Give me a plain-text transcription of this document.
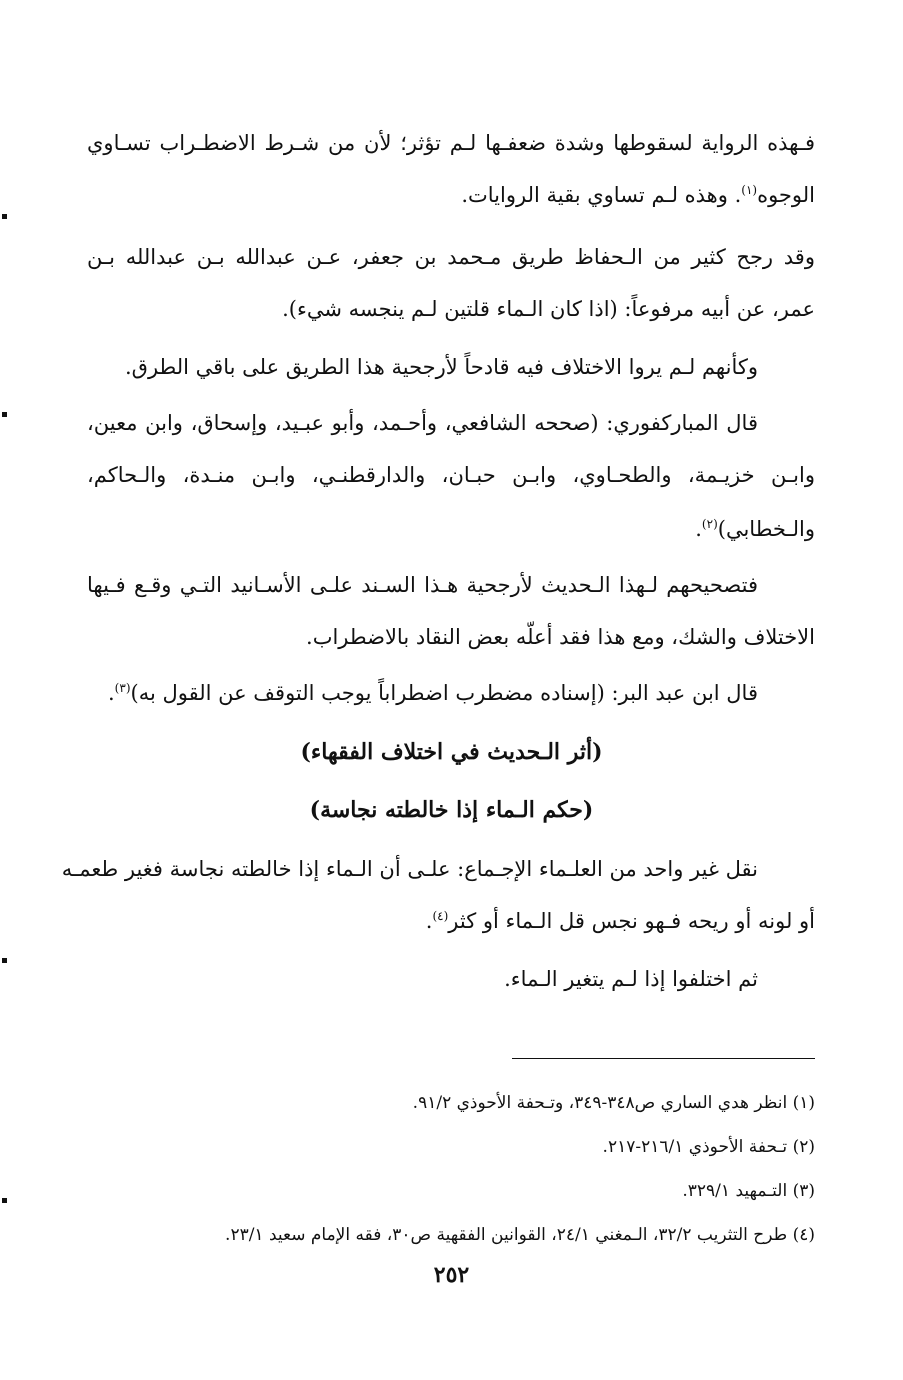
فـهذه الرواية لسقوطها وشدة ضعفـها لـم تؤثر؛ لأن من شـرط الاضطـراب تسـاوي
الوجوه$^{(١)}$. وهذه لـم تساوي بقية الروايات.
وقد رجح كثير من الـحفاظ طريق مـحمد بن جعفر، عـن عبدالله بـن عبدالله بـن
عمر، عن أبيه مرفوعاً: (اذا كان الـماء قلتين لـم ينجسه شيء).
وكأنهم لـم يروا الاختلاف فيه قادحاً لأرجحية هذا الطريق على باقي الطرق.
قال المباركفوري: (صححه الشافعي، وأحـمد، وأبو عبـيد، وإسحاق، وابن معين،
وابـن خزيـمة، والطحـاوي، وابـن حبـان، والدارقطنـي، وابـن منـدة، والـحاكم،
والـخطابي)$^{(٢)}$.
فتصحيحهم لـهذا الـحديث لأرجحية هـذا السـند علـى الأسـانيد التـي وقـع فـيها
الاختلاف والشك، ومع هذا فقد أعلّه بعض النقاد بالاضطراب.
قال ابن عبد البر: (إسناده مضطرب اضطراباً يوجب التوقف عن القول به)$^{(٣)}$.
(أثر الـحديث في اختلاف الفقهاء)
(حكم الـماء إذا خالطته نجاسة)
نقل غير واحد من العلـماء الإجـماع: علـى أن الـماء إذا خالطته نجاسة فغير طعمـه
أو لونه أو ريحه فـهو نجس قل الـماء أو كثر$^{(٤)}$.
ثم اختلفوا إذا لـم يتغير الـماء.
(١) انظر هدي الساري ص٣٤٨-٣٤٩، وتـحفة الأحوذي ٩١/٢.
(٢) تـحفة الأحوذي ٢١٦/١-٢١٧.
(٣) التـمهيد ٣٢٩/١.
(٤) طرح التثريب ٣٢/٢، الـمغني ٢٤/١، القوانين الفقهية ص٣٠، فقه الإمام سعيد ٢٣/١.
٢٥٢
